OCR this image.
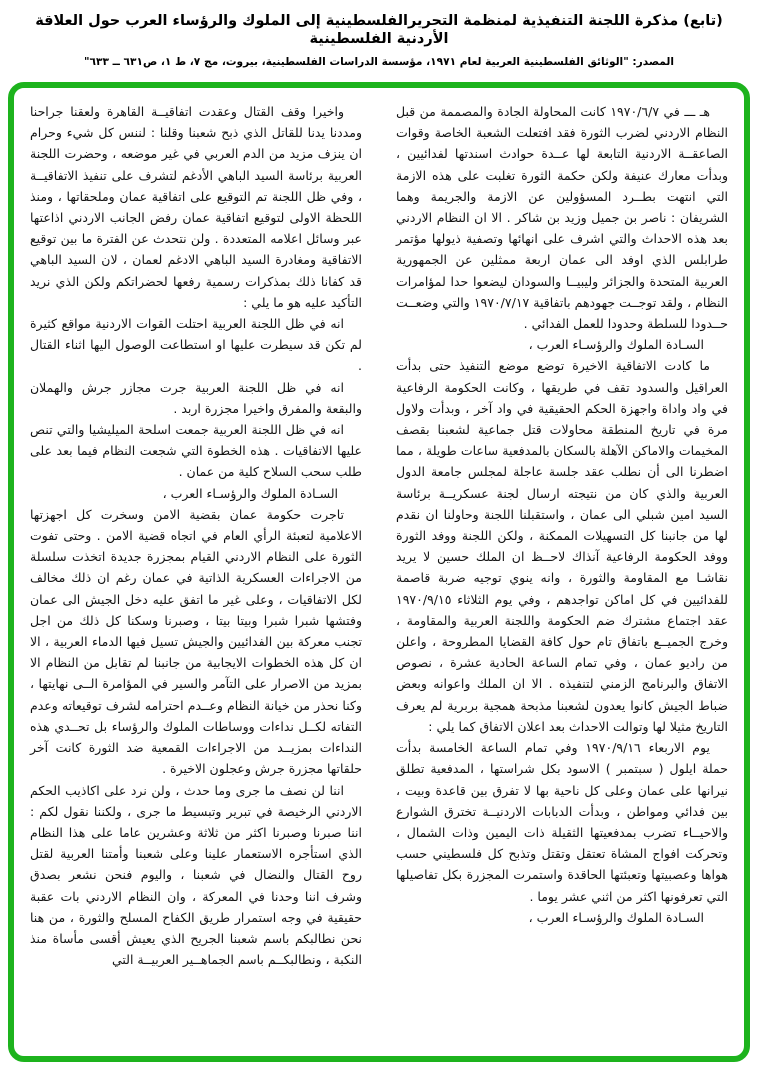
(تابع) مذكرة اللجنة التنفيذية لمنظمة التحريرالفلسطينية إلى الملوك والرؤساء العرب حول العلاقة الأردنية الفلسطينية
المصدر: "الوثائق الفلسطينية العربية لعام ١٩٧١، مؤسسة الدراسات الفلسطينية، بيروت، مج ٧، ط ١، ص٦٣١ ــ ٦٣٣"

هـ ـــ في ١٩٧٠/٦/٧ كانت المحاولة الجادة والمصممة من قبل النظام الاردني لضرب الثورة فقد افتعلت الشعبة الخاصة وقوات الصاعقــة الاردنية التابعة لها عــدة حوادث اسندتها لفدائيين ، وبدأت معارك عنيفة ولكن حكمة الثورة تغلبت على هذه الازمة التي انتهت بطــرد المسؤولين عن الازمة والجريمة وهما الشريفان : ناصر بن جميل وزيد بن شاكر . الا ان النظام الاردني بعد هذه الاحداث والتي اشرف على انهائها وتصفية ذيولها مؤتمر طرابلس الذي اوفد الى عمان اربعة ممثلين عن الجمهورية العربية المتحدة والجزائر وليبيــا والسودان ليضعوا حدا لمؤامرات النظام ، ولقد توجــت جهودهم باتفاقية ١٩٧٠/٧/١٧ والتي وضعــت حــدودا للسلطة وحدودا للعمل الفدائي .

السـادة الملوك والرؤسـاء العرب ،

ما كادت الاتفاقية الاخيرة توضع موضع التنفيذ حتى بدأت العراقيل والسدود تقف في طريقها ، وكانت الحكومة الرفاعية في واد واداة واجهزة الحكم الحقيقية في واد آخر ، وبدأت ولاول مرة في تاريخ المنطقة محاولات قتل جماعية لشعبنا بقصف المخيمات والاماكن الآهلة بالسكان بالمدفعية ساعات طويلة ، مما اضطرنا الى أن نطلب عقد جلسة عاجلة لمجلس جامعة الدول العربية والذي كان من نتيجته ارسال لجنة عسكريــة برئاسة السيد امين شبلي الى عمان ، واستقبلنا اللجنة وحاولنا ان نقدم لها من جانبنا كل التسهيلات الممكنة ، ولكن اللجنة ووفد الثورة ووفد الحكومة الرفاعية آنذاك لاحــظ ان الملك حسين لا يريد نقاشـا مع المقاومة والثورة ، وانه ينوي توجيه ضربة قاصمة للفدائيين في كل اماكن تواجدهم ، وفي يوم الثلاثاء ١٩٧٠/٩/١٥ عقد اجتماع مشترك ضم الحكومة واللجنة العربية والمقاومة ، وخرج الجميــع باتفاق تام حول كافة القضايا المطروحة ، واعلن من راديو عمان ، وفي تمام الساعة الحادية عشرة ، نصوص الاتفاق والبرنامج الزمني لتنفيذه . الا ان الملك واعوانه وبعض ضباط الجيش كانوا يعدون لشعبنا مذبحة همجية بربرية لم يعرف التاريخ مثيلا لها وتوالت الاحداث بعد اعلان الاتفاق كما يلي :

يوم الاربعاء ١٩٧٠/٩/١٦ وفي تمام الساعة الخامسة بدأت حملة ايلول ( سبتمبر ) الاسود بكل شراستها ، المدفعية تطلق نيرانها على عمان وعلى كل ناحية بها لا تفرق بين قاعدة وبيت ، بين فدائي ومواطن ، وبدأت الدبابات الاردنيــة تخترق الشوارع والاحيــاء تضرب بمدفعيتها الثقيلة ذات اليمين وذات الشمال ، وتحركت افواج المشاة تعتقل وتقتل وتذبح كل فلسطيني حسب هواها وعصبيتها وتعبئتها الحاقدة واستمرت المجزرة بكل تفاصيلها التي تعرفونها اكثر من اثني عشر يوما .

السـادة الملوك والرؤسـاء العرب ،

واخيرا وقف القتال وعقدت اتفاقيــة القاهرة ولعقنا جراحنا ومددنا يدنا للقاتل الذي ذبح شعبنا وقلنا : لننس كل شيء وحرام ان ينزف مزيد من الدم العربي في غير موضعه ، وحضرت اللجنة العربية برئاسة السيد الباهي الأدغم لتشرف على تنفيذ الاتفاقيــة ، وفي ظل اللجنة تم التوقيع على اتفاقية عمان وملحقاتها ، ومنذ اللحظة الاولى لتوقيع اتفاقية عمان رفض الجانب الاردني اذاعتها عبر وسائل اعلامه المتعددة . ولن نتحدث عن الفترة ما بين توقيع الاتفاقية ومغادرة السيد الباهي الادغم لعمان ، لان السيد الباهي قد كفانا ذلك بمذكرات رسمية رفعها لحضراتكم ولكن الذي نريد التأكيد عليه هو ما يلي :

انه في ظل اللجنة العربية احتلت القوات الاردنية مواقع كثيرة لم تكن قد سيطرت عليها او استطاعت الوصول اليها اثناء القتال .

انه في ظل اللجنة العربية جرت مجازر جرش والهملان والبقعة والمفرق واخيرا مجزرة اربد .

انه في ظل اللجنة العربية جمعت اسلحة الميليشيا والتي تنص عليها الاتفاقيات . هذه الخطوة التي شجعت النظام فيما بعد على طلب سحب السلاح كلية من عمان .

السـادة الملوك والرؤسـاء العرب ،

تاجرت حكومة عمان بقضية الامن وسخرت كل اجهزتها الاعلامية لتعبئة الرأي العام في اتجاه قضية الامن . وحتى تفوت الثورة على النظام الاردني القيام بمجزرة جديدة اتخذت سلسلة من الاجراءات العسكرية الذاتية في عمان رغم ان ذلك مخالف لكل الاتفاقيات ، وعلى غير ما اتفق عليه دخل الجيش الى عمان وفتشها شبرا شبرا وبيتا بيتا ، وصبرنا وسكنا كل ذلك من اجل تجنب معركة بين الفدائيين والجيش تسيل فيها الدماء العربية ، الا ان كل هذه الخطوات الايجابية من جانبنا لم تقابل من النظام الا بمزيد من الاصرار على التآمر والسير في المؤامرة الــى نهايتها ، وكنا نحذر من خيانة النظام وعــدم احترامه لشرف توقيعاته وعدم التفاته لكــل نداءات ووساطات الملوك والرؤساء بل تحــدي هذه النداءات بمزيــد من الاجراءات القمعية ضد الثورة كانت آخر حلقاتها مجزرة جرش وعجلون الاخيرة .

اننا لن نصف ما جرى وما حدث ، ولن نرد على اكاذيب الحكم الاردني الرخيصة في تبرير وتبسيط ما جرى ، ولكننا نقول لكم : اننا صبرنا وصبرنا اكثر من ثلاثة وعشرين عاما على هذا النظام الذي استأجره الاستعمار علينا وعلى شعبنا وأمتنا العربية لقتل روح القتال والنضال في شعبنا ، واليوم فنحن نشعر بصدق وشرف اننا وحدنا في المعركة ، وان النظام الاردني بات عقبة حقيقية في وجه استمرار طريق الكفاح المسلح والثورة ، من هنا نحن نطالبكم باسم شعبنا الجريح الذي يعيش أقسى مأساة منذ النكبة ، ونطالبكــم باسم الجماهــير العربيــة التي
